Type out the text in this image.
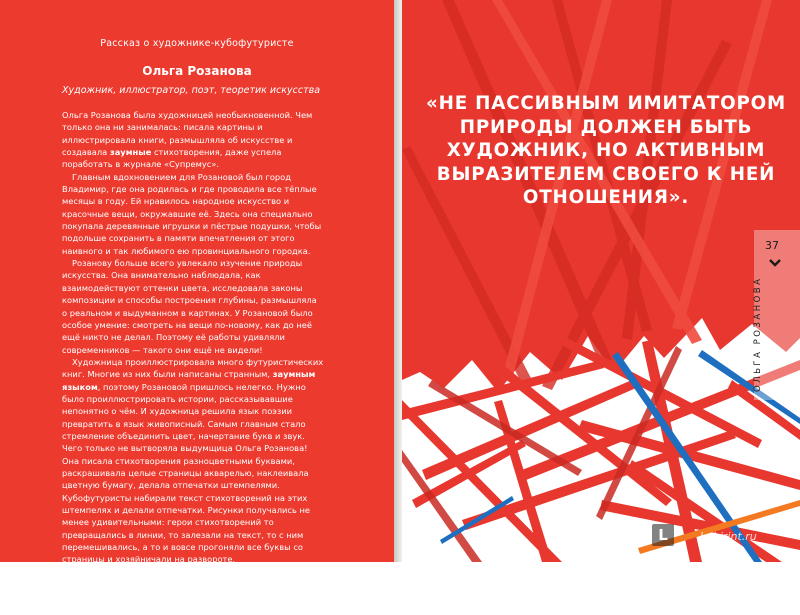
Рассказ о художнике-кубофутуристе
Ольга Розанова
Художник, иллюстратор, поэт, теоретик искусства

Ольга Розанова была художницей необыкновенной. Чем только она ни занималась: писала картины и иллюстрировала книги, размышляла об искусстве и создавала заумные стихотворения, даже успела поработать в журнале «Супремус».

Главным вдохновением для Розановой был город Владимир, где она родилась и где проводила все тёплые месяцы в году. Ей нравилось народное искусство и красочные вещи, окружавшие её. Здесь она специально покупала деревянные игрушки и пёстрые подушки, чтобы подольше сохранить в памяти впечатления от этого наивного и так любимого ею провинциального городка.

Розанову больше всего увлекало изучение природы искусства. Она внимательно наблюдала, как взаимодействуют оттенки цвета, исследовала законы композиции и способы построения глубины, размышляла о реальном и выдуманном в картинах. У Розановой было особое умение: смотреть на вещи по-новому, как до неё ещё никто не делал. Поэтому её работы удивляли современников — такого они ещё не видели!

Художница проиллюстрировала много футуристических книг. Многие из них были написаны странным, заумным языком, поэтому Розановой пришлось нелегко. Нужно было проиллюстрировать истории, рассказывавшие непонятно о чём. И художница решила язык поэзии превратить в язык живописный. Самым главным стало стремление объединить цвет, начертание букв и звук. Чего только не вытворяла выдумщица Ольга Розанова! Она писала стихотворения разноцветными буквами, раскрашивала целые страницы акварелью, наклеивала цветную бумагу, делала отпечатки штемпелями. Кубофутуристы набирали текст стихотворений на этих штемпелях и делали отпечатки. Рисунки получались не менее удивительными: герои стихотворений то превращались в линии, то залезали на текст, то с ним перемешивались, а то и вовсе прогоняли все буквы со страницы и хозяйничали на развороте.

А названия книг были одно смешнее другого! Например, «Бух лесиный», «Утиное гнёздышко... дурных слов», «Взорваль», «Тэ ли ле». Как ты думаешь, о чём рассказывается в этих книгах?

«НЕ ПАССИВНЫМ ИМИТАТОРОМ ПРИРОДЫ ДОЛЖЕН БЫТЬ ХУДОЖНИК, НО АКТИВНЫМ ВЫРАЗИТЕЛЕМ СВОЕГО К НЕЙ ОТНОШЕНИЯ».
37
ОЛЬГА РОЗАНОВА
L	Labirint.ru
